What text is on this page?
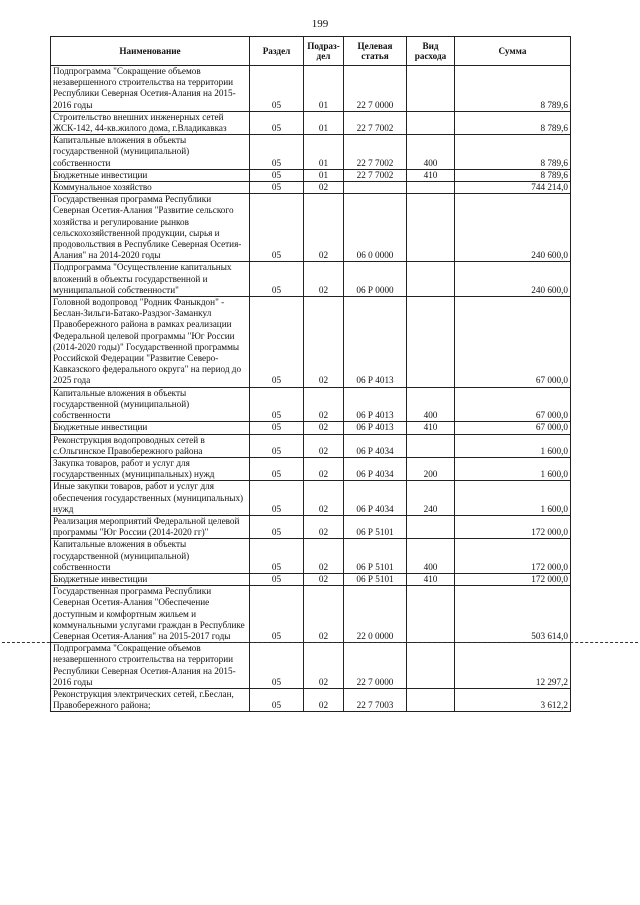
199
Наименование	Раздел	Подраз-дел	Целевая статья	Вид расхода	Сумма
Подпрограмма "Сокращение объемов незавершенного строительства на территории Республики Северная Осетия-Алания на 2015-2016 годы	05	01	22 7 0000		8 789,6
Строительство внешних инженерных сетей ЖСК-142, 44-кв.жилого дома, г.Владикавказ	05	01	22 7 7002		8 789,6
Капитальные вложения в объекты государственной (муниципальной) собственности	05	01	22 7 7002	400	8 789,6
Бюджетные инвестиции	05	01	22 7 7002	410	8 789,6
Коммунальное хозяйство	05	02			744 214,0
Государственная программа Республики Северная Осетия-Алания "Развитие сельского хозяйства и регулирование рынков сельскохозяйственной продукции, сырья и продовольствия в Республике Северная Осетия-Алания" на 2014-2020 годы	05	02	06 0 0000		240 600,0
Подпрограмма "Осуществление капитальных вложений в объекты государственной и муниципальной собственности"	05	02	06 Р 0000		240 600,0
Головной водопровод "Родник Фаныкдон" - Беслан-Зильги-Батако-Раздзог-Заманкул Правобережного района в рамках реализации Федеральной целевой программы "Юг России (2014-2020 годы)" Государственной программы Российской Федерации "Развитие Северо-Кавказского федерального округа" на период до 2025 года	05	02	06 Р 4013		67 000,0
Капитальные вложения в объекты государственной (муниципальной) собственности	05	02	06 Р 4013	400	67 000,0
Бюджетные инвестиции	05	02	06 Р 4013	410	67 000,0
Реконструкция водопроводных сетей в с.Ольгинское Правобережного района	05	02	06 Р 4034		1 600,0
Закупка товаров, работ и услуг для государственных (муниципальных) нужд	05	02	06 Р 4034	200	1 600,0
Иные закупки товаров, работ и услуг для обеспечения государственных (муниципальных) нужд	05	02	06 Р 4034	240	1 600,0
Реализация мероприятий Федеральной целевой программы "Юг России (2014-2020 гг)"	05	02	06 Р 5101		172 000,0
Капитальные вложения в объекты государственной (муниципальной) собственности	05	02	06 Р 5101	400	172 000,0
Бюджетные инвестиции	05	02	06 Р 5101	410	172 000,0
Государственная программа Республики Северная Осетия-Алания "Обеспечение доступным и комфортным жильем и коммунальными услугами граждан в Республике Северная Осетия-Алания" на 2015-2017 годы	05	02	22 0 0000		503 614,0
Подпрограмма "Сокращение объемов незавершенного строительства на территории Республики Северная Осетия-Алания на 2015-2016 годы	05	02	22 7 0000		12 297,2
Реконструкция электрических сетей, г.Беслан, Правобережного района;	05	02	22 7 7003		3 612,2
